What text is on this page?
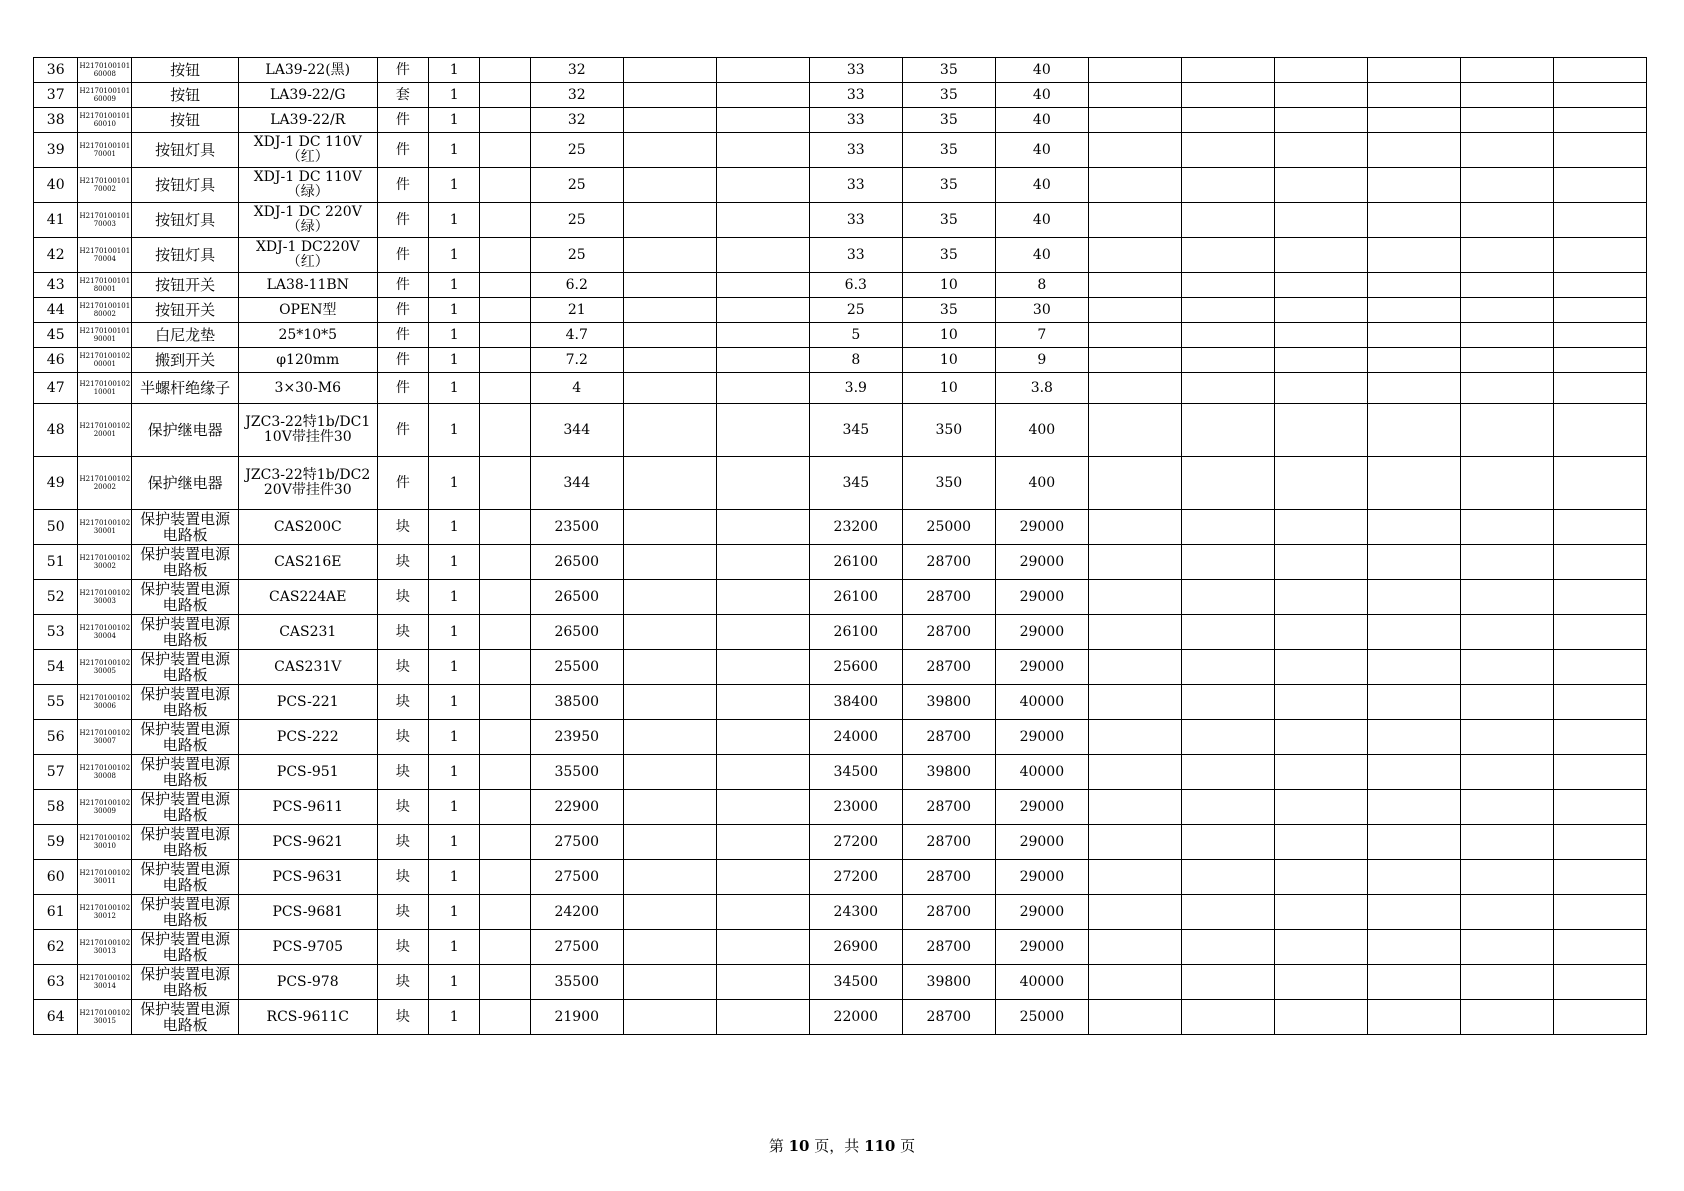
36	H217010010160008	按钮	LA39-22(黑)	件	1		32			33	35	40						
37	H217010010160009	按钮	LA39-22/G	套	1		32			33	35	40						
38	H217010010160010	按钮	LA39-22/R	件	1		32			33	35	40						
39	H217010010170001	按钮灯具	XDJ-1 DC 110V（红）	件	1		25			33	35	40						
40	H217010010170002	按钮灯具	XDJ-1 DC 110V（绿）	件	1		25			33	35	40						
41	H217010010170003	按钮灯具	XDJ-1 DC 220V（绿）	件	1		25			33	35	40						
42	H217010010170004	按钮灯具	XDJ-1 DC220V（红）	件	1		25			33	35	40						
43	H217010010180001	按钮开关	LA38-11BN	件	1		6.2			6.3	10	8						
44	H217010010180002	按钮开关	OPEN型	件	1		21			25	35	30						
45	H217010010190001	白尼龙垫	25*10*5	件	1		4.7			5	10	7						
46	H217010010200001	搬到开关	φ120mm	件	1		7.2			8	10	9						
47	H217010010210001	半螺杆绝缘子	3×30-M6	件	1		4			3.9	10	3.8						
48	H217010010220001	保护继电器	JZC3-22特1b/DC110V带挂件30	件	1		344			345	350	400						
49	H217010010220002	保护继电器	JZC3-22特1b/DC220V带挂件30	件	1		344			345	350	400						
50	H217010010230001	保护装置电源电路板	CAS200C	块	1		23500			23200	25000	29000						
51	H217010010230002	保护装置电源电路板	CAS216E	块	1		26500			26100	28700	29000						
52	H217010010230003	保护装置电源电路板	CAS224AE	块	1		26500			26100	28700	29000						
53	H217010010230004	保护装置电源电路板	CAS231	块	1		26500			26100	28700	29000						
54	H217010010230005	保护装置电源电路板	CAS231V	块	1		25500			25600	28700	29000						
55	H217010010230006	保护装置电源电路板	PCS-221	块	1		38500			38400	39800	40000						
56	H217010010230007	保护装置电源电路板	PCS-222	块	1		23950			24000	28700	29000						
57	H217010010230008	保护装置电源电路板	PCS-951	块	1		35500			34500	39800	40000						
58	H217010010230009	保护装置电源电路板	PCS-9611	块	1		22900			23000	28700	29000						
59	H217010010230010	保护装置电源电路板	PCS-9621	块	1		27500			27200	28700	29000						
60	H217010010230011	保护装置电源电路板	PCS-9631	块	1		27500			27200	28700	29000						
61	H217010010230012	保护装置电源电路板	PCS-9681	块	1		24200			24300	28700	29000						
62	H217010010230013	保护装置电源电路板	PCS-9705	块	1		27500			26900	28700	29000						
63	H217010010230014	保护装置电源电路板	PCS-978	块	1		35500			34500	39800	40000						
64	H217010010230015	保护装置电源电路板	RCS-9611C	块	1		21900			22000	28700	25000						
第 10 页，共 110 页
